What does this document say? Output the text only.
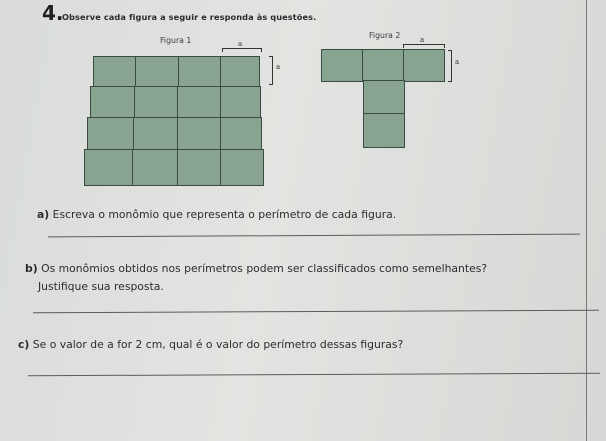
4.
Observe cada figura a seguir e responda às questões.
Figura 1	a
a
Figura 2	a
a
a) Escreva o monômio que representa o perímetro de cada figura.
b) Os monômios obtidos nos perímetros podem ser classificados como semelhantes?
Justifique sua resposta.
c) Se o valor de a for 2 cm, qual é o valor do perímetro dessas figuras?
